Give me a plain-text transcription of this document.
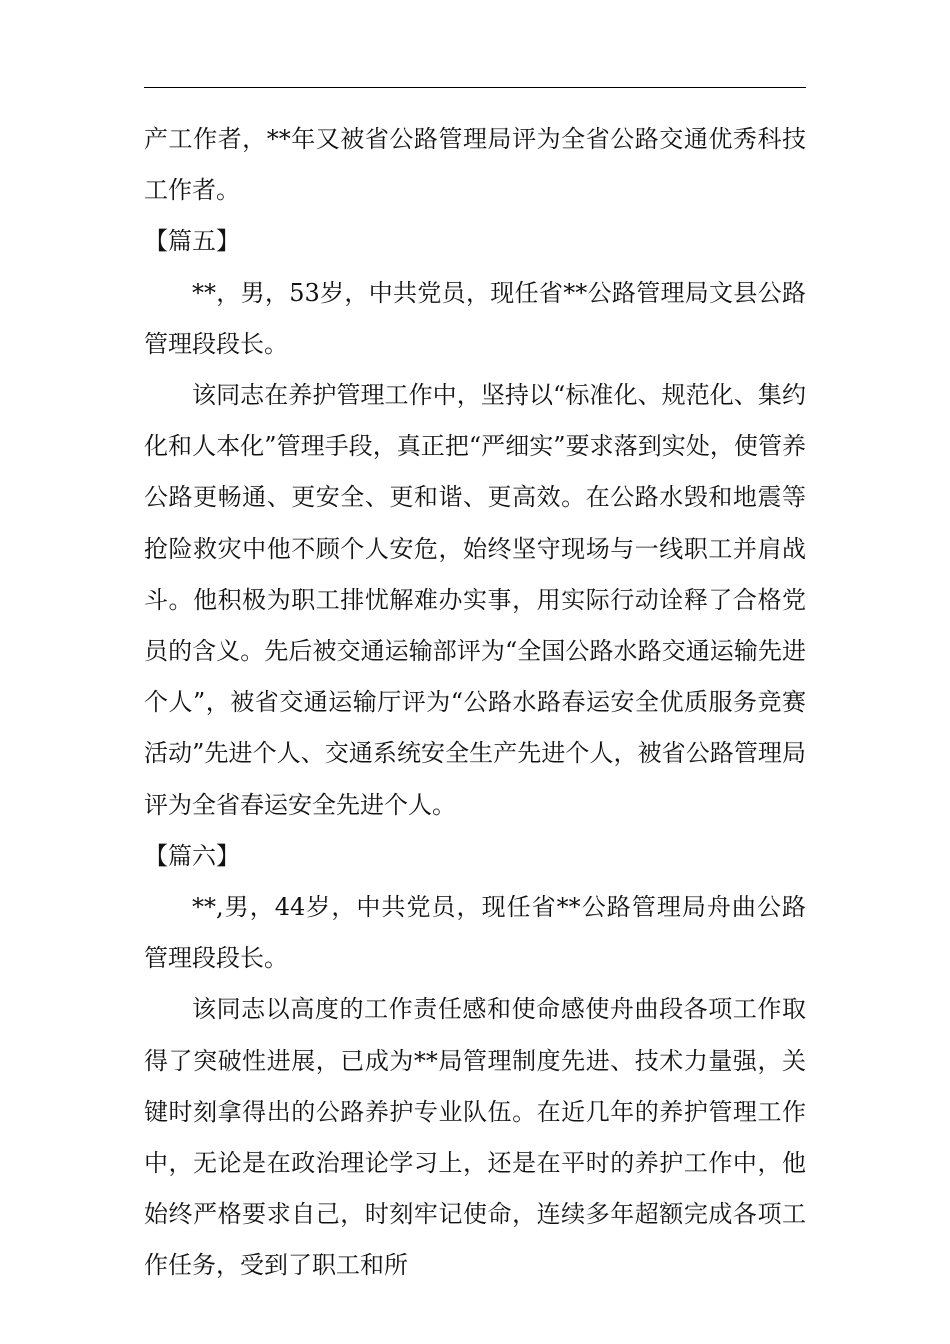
产工作者，**年又被省公路管理局评为全省公路交通优秀科技工作者。

【篇五】

**，男，53岁，中共党员，现任省**公路管理局文县公路管理段段长。

该同志在养护管理工作中，坚持以“标准化、规范化、集约化和人本化”管理手段，真正把“严细实”要求落到实处，使管养公路更畅通、更安全、更和谐、更高效。在公路水毁和地震等抢险救灾中他不顾个人安危，始终坚守现场与一线职工并肩战斗。他积极为职工排忧解难办实事，用实际行动诠释了合格党员的含义。先后被交通运输部评为“全国公路水路交通运输先进个人”，被省交通运输厅评为“公路水路春运安全优质服务竞赛活动”先进个人、交通系统安全生产先进个人，被省公路管理局评为全省春运安全先进个人。

【篇六】

**,男，44岁，中共党员，现任省**公路管理局舟曲公路管理段段长。

该同志以高度的工作责任感和使命感使舟曲段各项工作取得了突破性进展，已成为**局管理制度先进、技术力量强，关键时刻拿得出的公路养护专业队伍。在近几年的养护管理工作中，无论是在政治理论学习上，还是在平时的养护工作中，他始终严格要求自己，时刻牢记使命，连续多年超额完成各项工作任务，受到了职工和所
